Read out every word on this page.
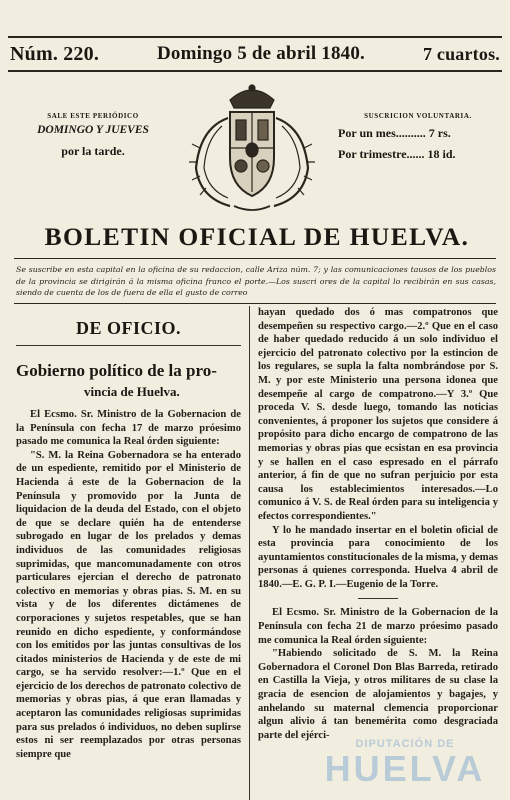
Núm. 220.	Domingo 5 de abril 1840.	7 cuartos.
SALE ESTE PERIÓDICO
DOMINGO Y JUEVES
por la tarde.
SUSCRICION VOLUNTARIA.
Por un mes.......... 7 rs.
Por trimestre...... 18 id.
BOLETIN OFICIAL DE HUELVA.
Se suscribe en esta capital en la oficina de su redaccion, calle Ariza núm. 7; y las comunicaciones tausos de los pueblos de la provincia se dirigirán á la misma oficina franco el porte.—Los suscri ores de la capital lo recibirán en sus casas, siendo de cuenta de los de fuera de ella el gusto de correo
DE OFICIO.
Gobierno político de la pro-
vincia de Huelva.

El Ecsmo. Sr. Ministro de la Gobernacion de la Península con fecha 17 de marzo próesimo pasado me comunica la Real órden siguiente:

"S. M. la Reina Gobernadora se ha enterado de un espediente, remitido por el Ministerio de Hacienda á este de la Gobernacion de la Península y promovido por la Junta de liquidacion de la deuda del Estado, con el objeto de que se declare quién ha de entenderse subrogado en lugar de los prelados y demas individuos de las comunidades religiosas suprimidas, que mancomunadamente con otros particulares ejercian el derecho de patronato colectivo en memorias y obras pias. S. M. en su vista y de los diferentes dictámenes de corporaciones y sujetos respetables, que se han reunido en dicho espediente, y conformándose con los emitidos por las juntas consultivas de los citados ministerios de Hacienda y de este de mi cargo, se ha servido resolver:—1.º Que en el ejercicio de los derechos de patronato colectivo de memorias y obras pias, á que eran llamadas y aceptaron las comunidades religiosas suprimidas para sus prelados ó individuos, no deben suplirse estos ni ser reemplazados por otras personas siempre que

hayan quedado dos ó mas compatronos que desempeñen su respectivo cargo.—2.º Que en el caso de haber quedado reducido á un solo individuo el ejercicio del patronato colectivo por la estincion de los regulares, se supla la falta nombrándose por S. M. y por este Ministerio una persona idonea que desempeñe al cargo de compatrono.—Y 3.º Que proceda V. S. desde luego, tomando las noticias convenientes, á proponer los sujetos que considere á propósito para dicho encargo de compatrono de las memorias y obras pias que ecsistan en esa provincia y se hallen en el caso espresado en el párrafo anterior, á fin de que no sufran perjuicio por esta causa los establecimientos interesados.—Lo comunico á V. S. de Real órden para su inteligencia y efectos correspondientes."

Y lo he mandado insertar en el boletin oficial de esta provincia para conocimiento de los ayuntamientos constitucionales de la misma, y demas personas á quienes corresponda. Huelva 4 abril de 1840.—E. G. P. I.—Eugenio de la Torre.

El Ecsmo. Sr. Ministro de la Gobernacion de la Península con fecha 21 de marzo próesimo pasado me comunica la Real órden siguiente:

"Habiendo solicitado de S. M. la Reina Gobernadora el Coronel Don Blas Barreda, retirado en Castilla la Vieja, y otros militares de su clase la gracia de esencion de alojamientos y bagajes, y anhelando su maternal clemencia proporcionar algun alivio á tan benemérita como desgraciada parte del ejérci-

DIPUTACIÓN DE
HUELVA
